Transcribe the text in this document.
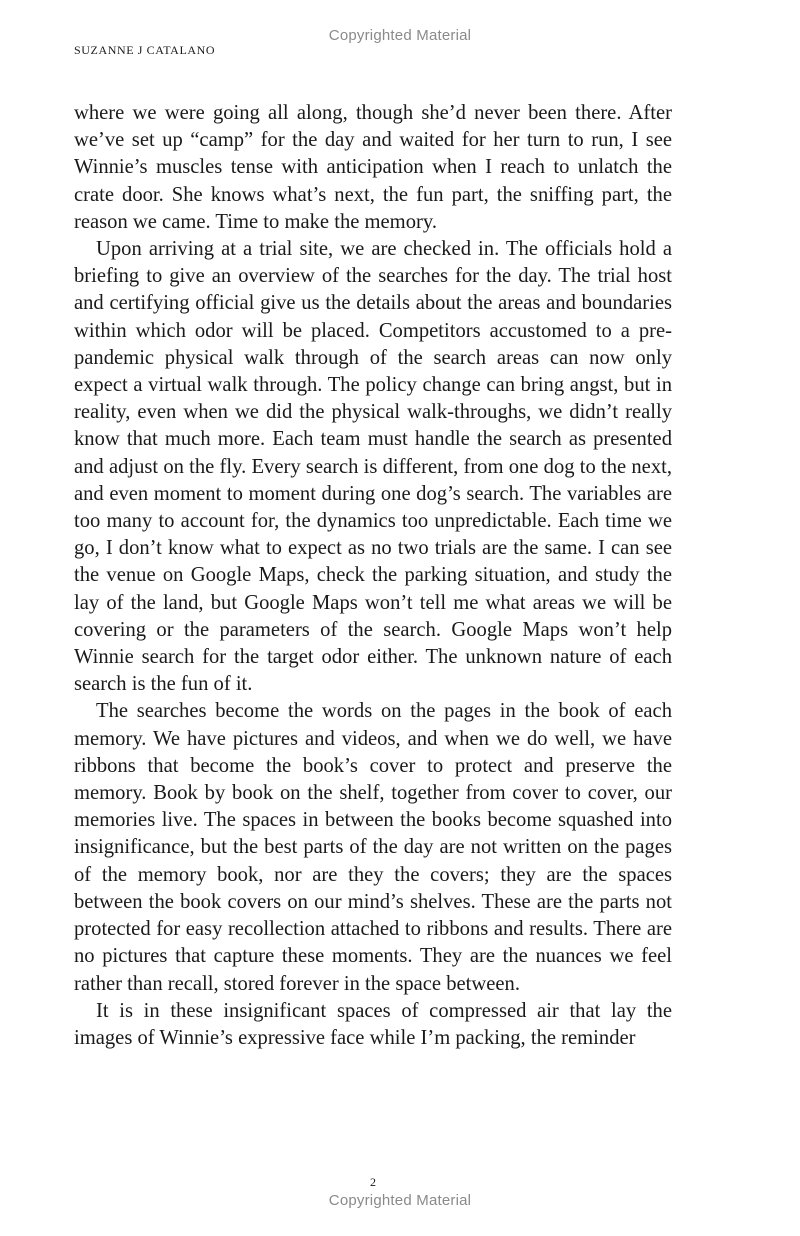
Copyrighted Material
SUZANNE J CATALANO

where we were going all along, though she’d never been there. After we’ve set up “camp” for the day and waited for her turn to run, I see Winnie’s muscles tense with anticipation when I reach to unlatch the crate door. She knows what’s next, the fun part, the sniffing part, the reason we came. Time to make the memory.

Upon arriving at a trial site, we are checked in. The officials hold a briefing to give an overview of the searches for the day. The trial host and certifying official give us the details about the areas and boundaries within which odor will be placed. Competitors accustomed to a pre-pandemic physical walk through of the search areas can now only expect a virtual walk through. The policy change can bring angst, but in reality, even when we did the physical walk-throughs, we didn’t really know that much more. Each team must handle the search as presented and adjust on the fly. Every search is different, from one dog to the next, and even moment to moment during one dog’s search. The variables are too many to account for, the dynamics too unpredictable. Each time we go, I don’t know what to expect as no two trials are the same. I can see the venue on Google Maps, check the parking situation, and study the lay of the land, but Google Maps won’t tell me what areas we will be covering or the parameters of the search. Google Maps won’t help Winnie search for the target odor either. The unknown nature of each search is the fun of it.

The searches become the words on the pages in the book of each memory. We have pictures and videos, and when we do well, we have ribbons that become the book’s cover to protect and preserve the memory. Book by book on the shelf, together from cover to cover, our memories live. The spaces in between the books become squashed into insignificance, but the best parts of the day are not written on the pages of the memory book, nor are they the covers; they are the spaces between the book covers on our mind’s shelves. These are the parts not protected for easy recollection attached to ribbons and results. There are no pictures that capture these moments. They are the nuances we feel rather than recall, stored forever in the space between.

It is in these insignificant spaces of compressed air that lay the images of Winnie’s expressive face while I’m packing, the reminder

2
Copyrighted Material
